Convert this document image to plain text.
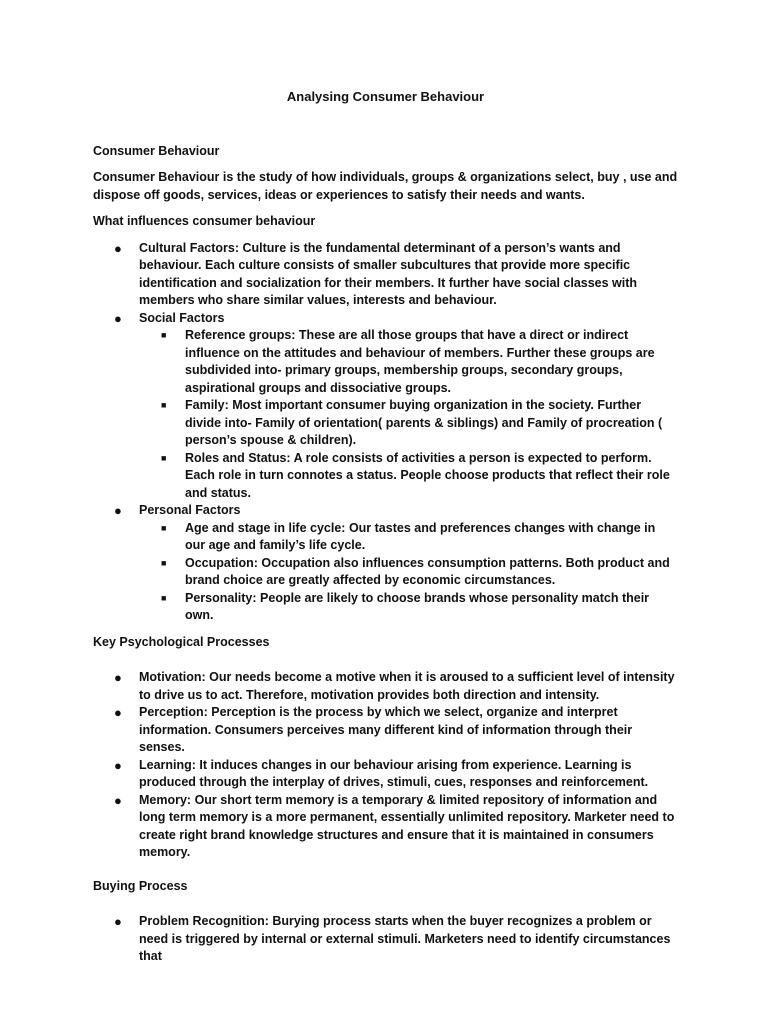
Analysing Consumer Behaviour
Consumer Behaviour
Consumer Behaviour is the study of how individuals, groups & organizations select, buy , use and dispose off goods, services, ideas or experiences to satisfy their needs and wants.
What influences consumer behaviour
● Cultural Factors: Culture is the fundamental determinant of a person’s wants and behaviour. Each culture consists of smaller subcultures that provide more specific identification and socialization for their members. It further have social classes with members who share similar values, interests and behaviour.
● Social Factors
■ Reference groups: These are all those groups that have a direct or indirect influence on the attitudes and behaviour of members. Further these groups are subdivided into- primary groups, membership groups, secondary groups, aspirational groups and dissociative groups.
■ Family: Most important consumer buying organization in the society. Further divide into- Family of orientation( parents & siblings) and Family of procreation ( person’s spouse & children).
■ Roles and Status: A role consists of activities a person is expected to perform. Each role in turn connotes a status. People choose products that reflect their role and status.
● Personal Factors
■ Age and stage in life cycle: Our tastes and preferences changes with change in our age and family’s life cycle.
■ Occupation: Occupation also influences consumption patterns. Both product and brand choice are greatly affected by economic circumstances.
■ Personality: People are likely to choose brands whose personality match their own.
Key Psychological Processes
● Motivation: Our needs become a motive when it is aroused to a sufficient level of intensity to drive us to act. Therefore, motivation provides both direction and intensity.
● Perception: Perception is the process by which we select, organize and interpret information. Consumers perceives many different kind of information through their senses.
● Learning: It induces changes in our behaviour arising from experience. Learning is produced through the interplay of drives, stimuli, cues, responses and reinforcement.
● Memory: Our short term memory is a temporary & limited repository of information and long term memory is a more permanent, essentially unlimited repository. Marketer need to create right brand knowledge structures and ensure that it is maintained in consumers memory.
Buying Process
● Problem Recognition: Burying process starts when the buyer recognizes a problem or need is triggered by internal or external stimuli. Marketers need to identify circumstances that
